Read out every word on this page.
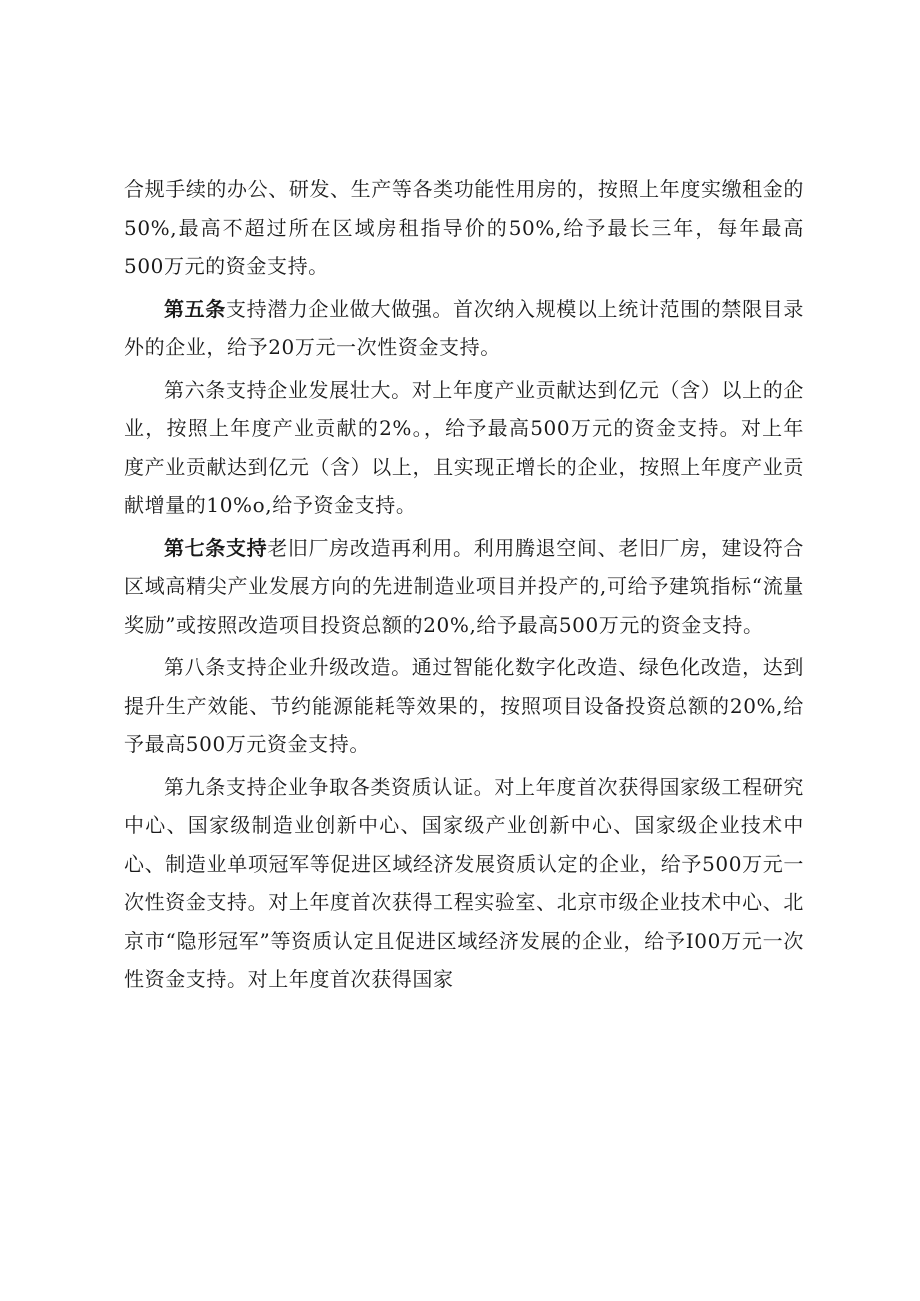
合规手续的办公、研发、生产等各类功能性用房的，按照上年度实缴租金的50%,最高不超过所在区域房租指导价的50%,给予最长三年，每年最高500万元的资金支持。

第五条支持潜力企业做大做强。首次纳入规模以上统计范围的禁限目录外的企业，给予20万元一次性资金支持。

第六条支持企业发展壮大。对上年度产业贡献达到亿元（含）以上的企业，按照上年度产业贡献的2%。，给予最高500万元的资金支持。对上年度产业贡献达到亿元（含）以上，且实现正增长的企业，按照上年度产业贡献增量的10%o,给予资金支持。

第七条支持老旧厂房改造再利用。利用腾退空间、老旧厂房，建设符合区域高精尖产业发展方向的先进制造业项目并投产的,可给予建筑指标“流量奖励”或按照改造项目投资总额的20%,给予最高500万元的资金支持。

第八条支持企业升级改造。通过智能化数字化改造、绿色化改造，达到提升生产效能、节约能源能耗等效果的，按照项目设备投资总额的20%,给予最高500万元资金支持。

第九条支持企业争取各类资质认证。对上年度首次获得国家级工程研究中心、国家级制造业创新中心、国家级产业创新中心、国家级企业技术中心、制造业单项冠军等促进区域经济发展资质认定的企业，给予500万元一次性资金支持。对上年度首次获得工程实验室、北京市级企业技术中心、北京市“隐形冠军”等资质认定且促进区域经济发展的企业，给予I00万元一次性资金支持。对上年度首次获得国家
